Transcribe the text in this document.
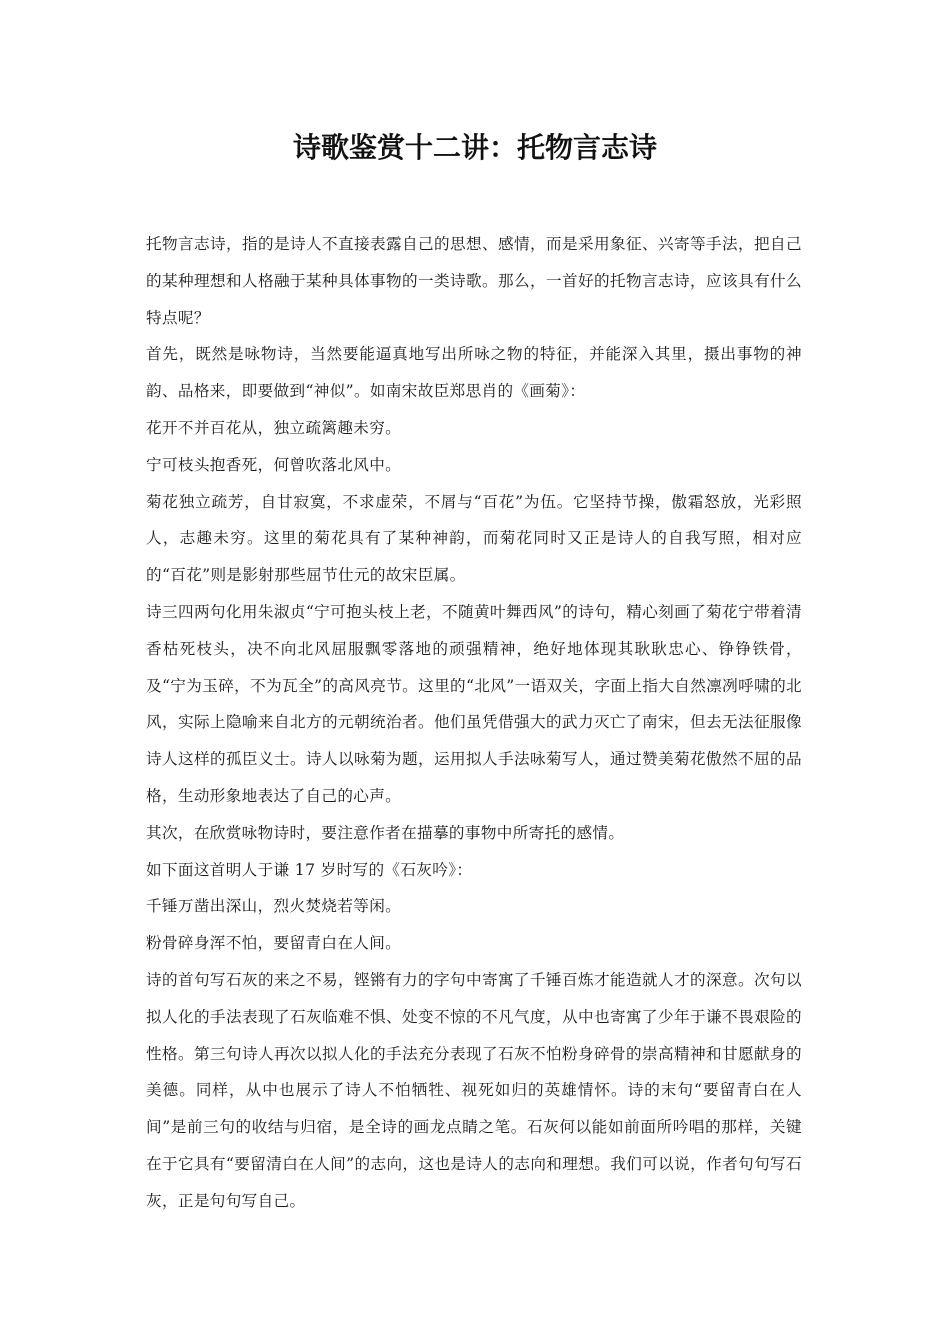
诗歌鉴赏十二讲：托物言志诗

托物言志诗，指的是诗人不直接表露自己的思想、感情，而是采用象征、兴寄等手法，把自己的某种理想和人格融于某种具体事物的一类诗歌。那么，一首好的托物言志诗，应该具有什么特点呢？

首先，既然是咏物诗，当然要能逼真地写出所咏之物的特征，并能深入其里，摄出事物的神韵、品格来，即要做到“神似”。如南宋故臣郑思肖的《画菊》：

花开不并百花从，独立疏篱趣未穷。

宁可枝头抱香死，何曾吹落北风中。

菊花独立疏芳，自甘寂寞，不求虚荣，不屑与“百花”为伍。它坚持节操，傲霜怒放，光彩照人，志趣未穷。这里的菊花具有了某种神韵，而菊花同时又正是诗人的自我写照，相对应的“百花”则是影射那些屈节仕元的故宋臣属。

诗三四两句化用朱淑贞“宁可抱头枝上老，不随黄叶舞西风”的诗句，精心刻画了菊花宁带着清香枯死枝头，决不向北风屈服飘零落地的顽强精神，绝好地体现其耿耿忠心、铮铮铁骨，及“宁为玉碎，不为瓦全”的高风亮节。这里的“北风”一语双关，字面上指大自然凛冽呼啸的北风，实际上隐喻来自北方的元朝统治者。他们虽凭借强大的武力灭亡了南宋，但去无法征服像诗人这样的孤臣义士。诗人以咏菊为题，运用拟人手法咏菊写人，通过赞美菊花傲然不屈的品格，生动形象地表达了自己的心声。

其次，在欣赏咏物诗时，要注意作者在描摹的事物中所寄托的感情。

如下面这首明人于谦 17 岁时写的《石灰吟》：

千锤万凿出深山，烈火焚烧若等闲。

粉骨碎身浑不怕，要留青白在人间。

诗的首句写石灰的来之不易，铿锵有力的字句中寄寓了千锤百炼才能造就人才的深意。次句以拟人化的手法表现了石灰临难不惧、处变不惊的不凡气度，从中也寄寓了少年于谦不畏艰险的性格。第三句诗人再次以拟人化的手法充分表现了石灰不怕粉身碎骨的崇高精神和甘愿献身的美德。同样，从中也展示了诗人不怕牺牲、视死如归的英雄情怀。诗的末句“要留青白在人间”是前三句的收结与归宿，是全诗的画龙点睛之笔。石灰何以能如前面所吟唱的那样，关键在于它具有“要留清白在人间”的志向，这也是诗人的志向和理想。我们可以说，作者句句写石灰，正是句句写自己。
